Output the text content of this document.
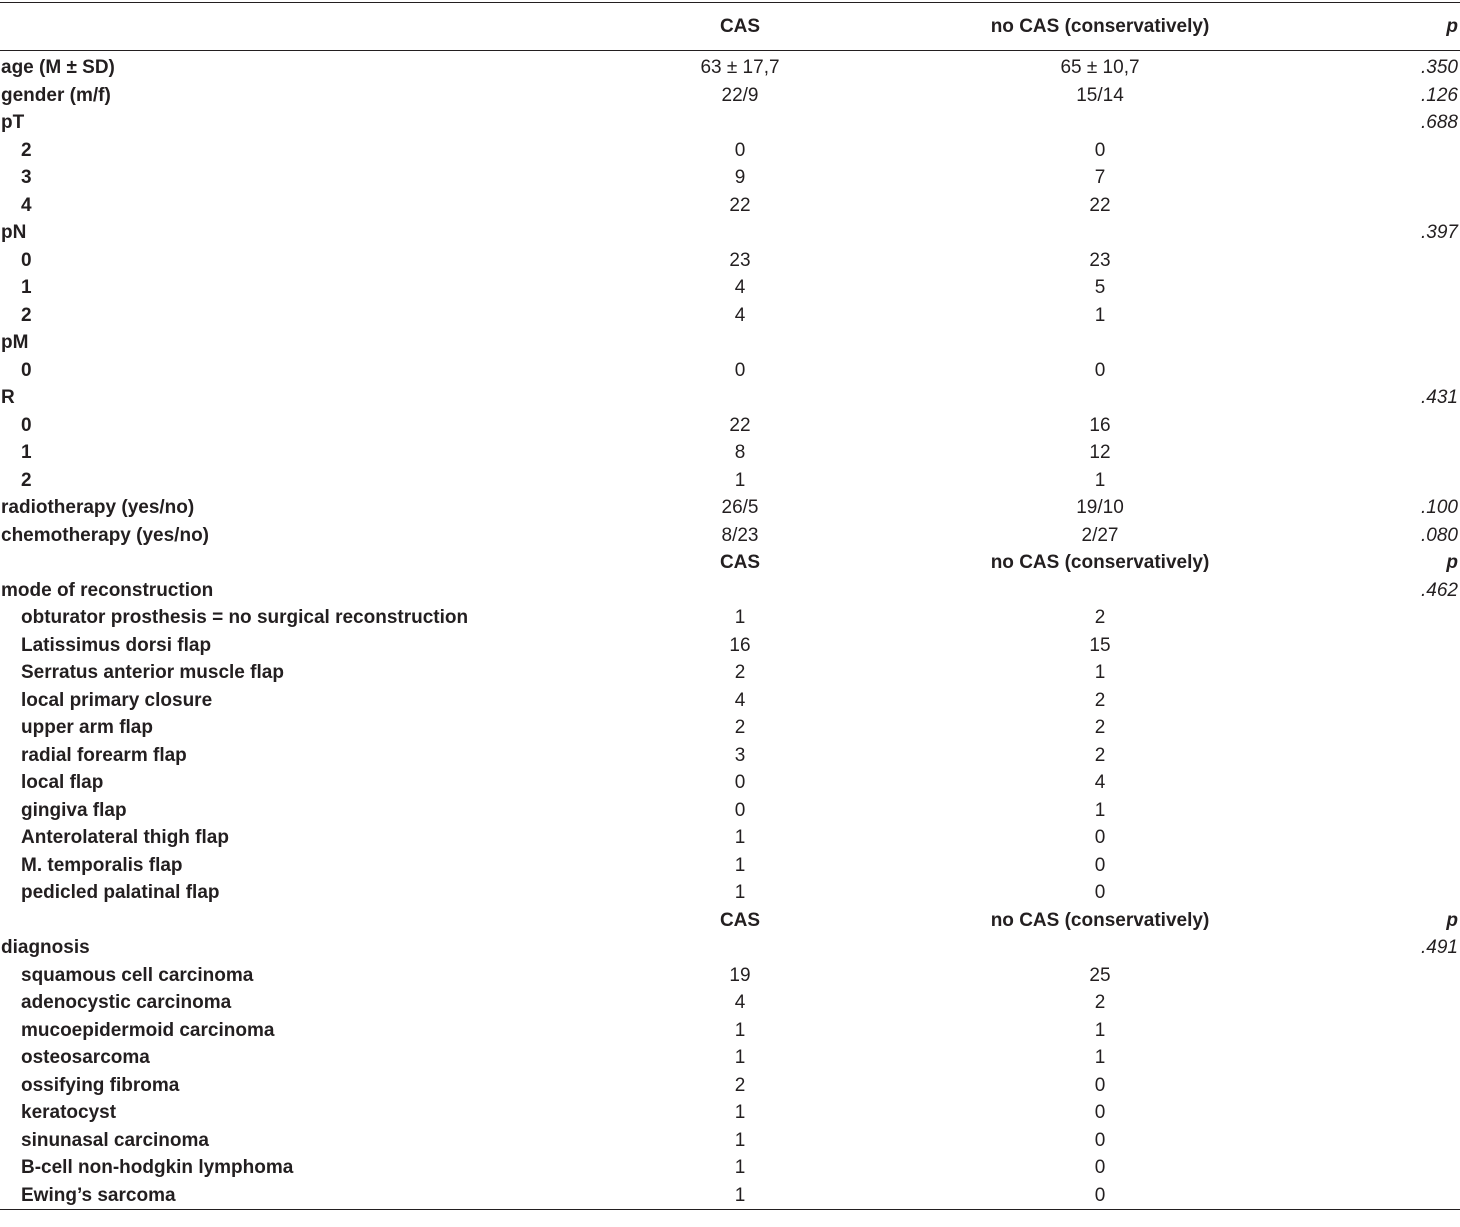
	CAS	no CAS (conservatively)	p

age (M ± SD)	63 ± 17,7	65 ± 10,7	.350
gender (m/f)	22/9	15/14	.126
pT			.688
2	0	0	
3	9	7	
4	22	22	
pN			.397
0	23	23	
1	4	5	
2	4	1	
pM			
0	0	0	
R			.431
0	22	16	
1	8	12	
2	1	1	
radiotherapy (yes/no)	26/5	19/10	.100
chemotherapy (yes/no)	8/23	2/27	.080
	CAS	no CAS (conservatively)	p
mode of reconstruction			.462
obturator prosthesis = no surgical reconstruction	1	2	
Latissimus dorsi flap	16	15	
Serratus anterior muscle flap	2	1	
local primary closure	4	2	
upper arm flap	2	2	
radial forearm flap	3	2	
local flap	0	4	
gingiva flap	0	1	
Anterolateral thigh flap	1	0	
M. temporalis flap	1	0	
pedicled palatinal flap	1	0	
	CAS	no CAS (conservatively)	p
diagnosis			.491
squamous cell carcinoma	19	25	
adenocystic carcinoma	4	2	
mucoepidermoid carcinoma	1	1	
osteosarcoma	1	1	
ossifying fibroma	2	0	
keratocyst	1	0	
sinunasal carcinoma	1	0	
B-cell non-hodgkin lymphoma	1	0	
Ewing’s sarcoma	1	0	
